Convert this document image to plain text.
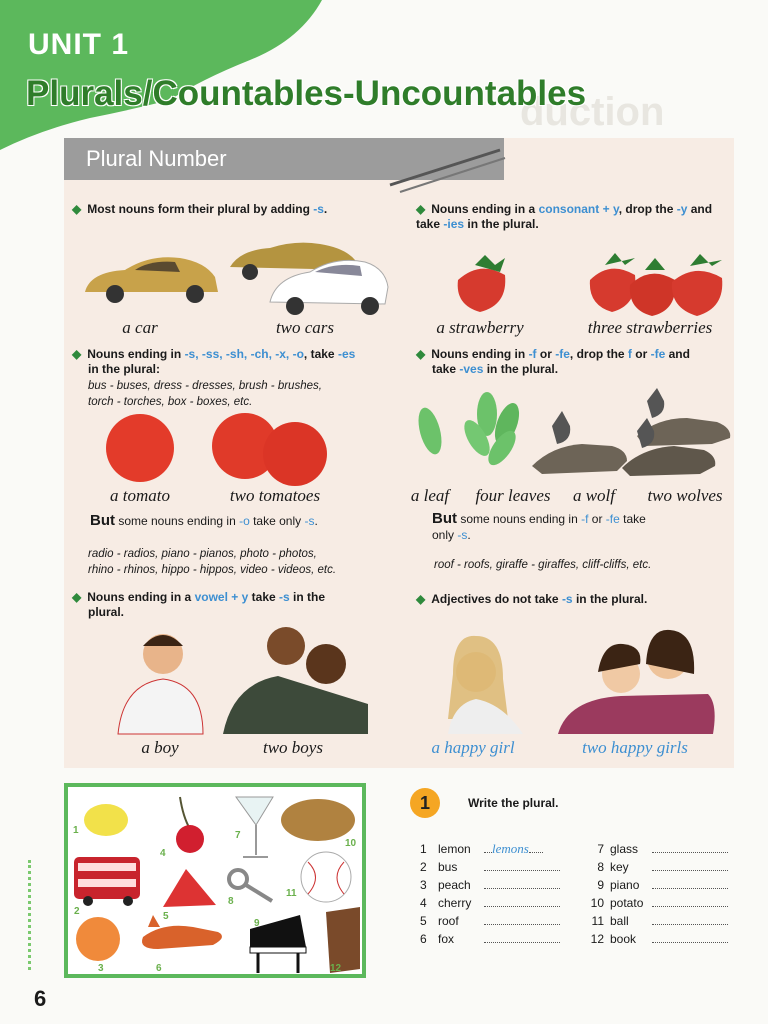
UNIT 1
duction
Plurals/Countables-Uncountables
Plural Number
◆ Most nouns form their plural by adding -s.	◆ Nouns ending in a consonant + y, drop the -y and take -ies in the plural.
a car	two cars	a strawberry	three strawberries
◆ Nouns ending in -s, -ss, -sh, -ch, -x, -o, take -es
in the plural:
bus - buses, dress - dresses, brush - brushes,
torch - torches, box - boxes, etc.
◆ Nouns ending in -f or -fe, drop the f or -fe and
take -ves in the plural.
a tomato	two tomatoes	a leaf	four leaves	a wolf	two wolves
But some nouns ending in -o take only -s.
radio - radios, piano - pianos, photo - photos,
rhino - rhinos, hippo - hippos, video - videos, etc.
But some nouns ending in -f or -fe take
only -s.
roof - roofs, giraffe - giraffes, cliff-cliffs, etc.
◆ Nouns ending in a vowel + y take -s in the
plural.
◆ Adjectives do not take -s in the plural.
a boy	two boys	a happy girl	two happy girls
1
2
3
4
5
6
7
8
9
10
11
12
1	Write the plural.
1 lemon lemons
2 bus
3 peach
4 cherry
5 roof
6 fox
7 glass
8 key
9 piano
10 potato
11 ball
12 book
6
